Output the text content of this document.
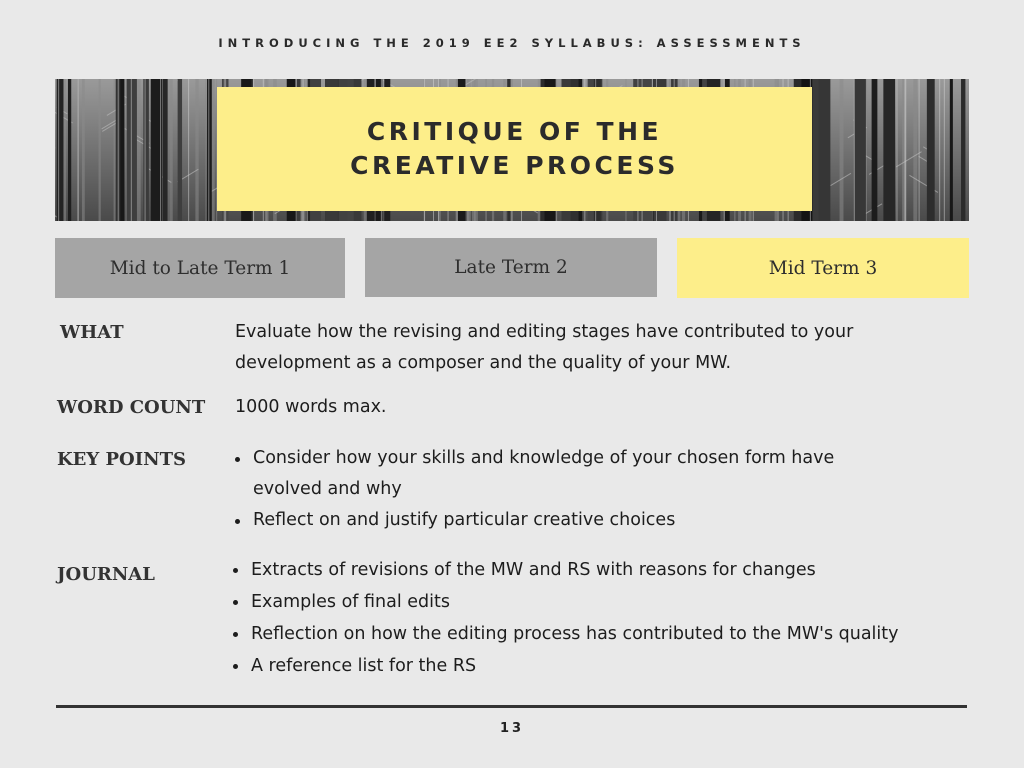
INTRODUCING THE 2019 EE2 SYLLABUS: ASSESSMENTS
CRITIQUE OF THE CREATIVE PROCESS
Mid to Late Term 1	Late Term 2	Mid Term 3
WHAT	Evaluate how the revising and editing stages have contributed to your
development as a composer and the quality of your MW.
WORD COUNT 1000 words max.
KEY POINTS	Consider how your skills and knowledge of your chosen form have
evolved and why
Reflect on and justify particular creative choices
JOURNAL	Extracts of revisions of the MW and RS with reasons for changes
Examples of final edits
Reflection on how the editing process has contributed to the MW's quality
A reference list for the RS
13
